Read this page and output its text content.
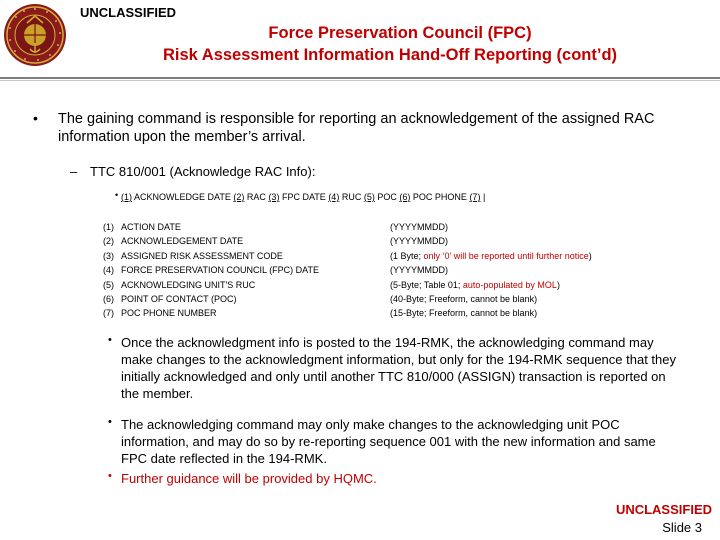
UNCLASSIFIED
Force Preservation Council (FPC)
Risk Assessment Information Hand-Off Reporting (cont’d)
• The gaining command is responsible for reporting an acknowledgement of the assigned RAC information upon the member’s arrival.
– TTC 810/001 (Acknowledge RAC Info):
• (1) ACKNOWLEDGE DATE (2) RAC (3) FPC DATE (4) RUC (5) POC (6) POC PHONE (7) |
(1) ACTION DATE	(YYYYMMDD)
(2) ACKNOWLEDGEMENT DATE	(YYYYMMDD)
(3) ASSIGNED RISK ASSESSMENT CODE	(1 Byte; only ‘0’ will be reported until further notice)
(4) FORCE PRESERVATION COUNCIL (FPC) DATE	(YYYYMMDD)
(5) ACKNOWLEDGING UNIT'S RUC	(5-Byte; Table 01; auto-populated by MOL)
(6) POINT OF CONTACT (POC)	(40-Byte; Freeform, cannot be blank)
(7) POC PHONE NUMBER	(15-Byte; Freeform, cannot be blank)
• Once the acknowledgment info is posted to the 194-RMK, the acknowledging command may make changes to the acknowledgment information, but only for the 194-RMK sequence that they initially acknowledged and only until another TTC 810/000 (ASSIGN) transaction is reported on the member.
• The acknowledging command may only make changes to the acknowledging unit POC information, and may do so by re-reporting sequence 001 with the new information and same FPC date reflected in the 194-RMK.
• Further guidance will be provided by HQMC.
UNCLASSIFIED
Slide 3
